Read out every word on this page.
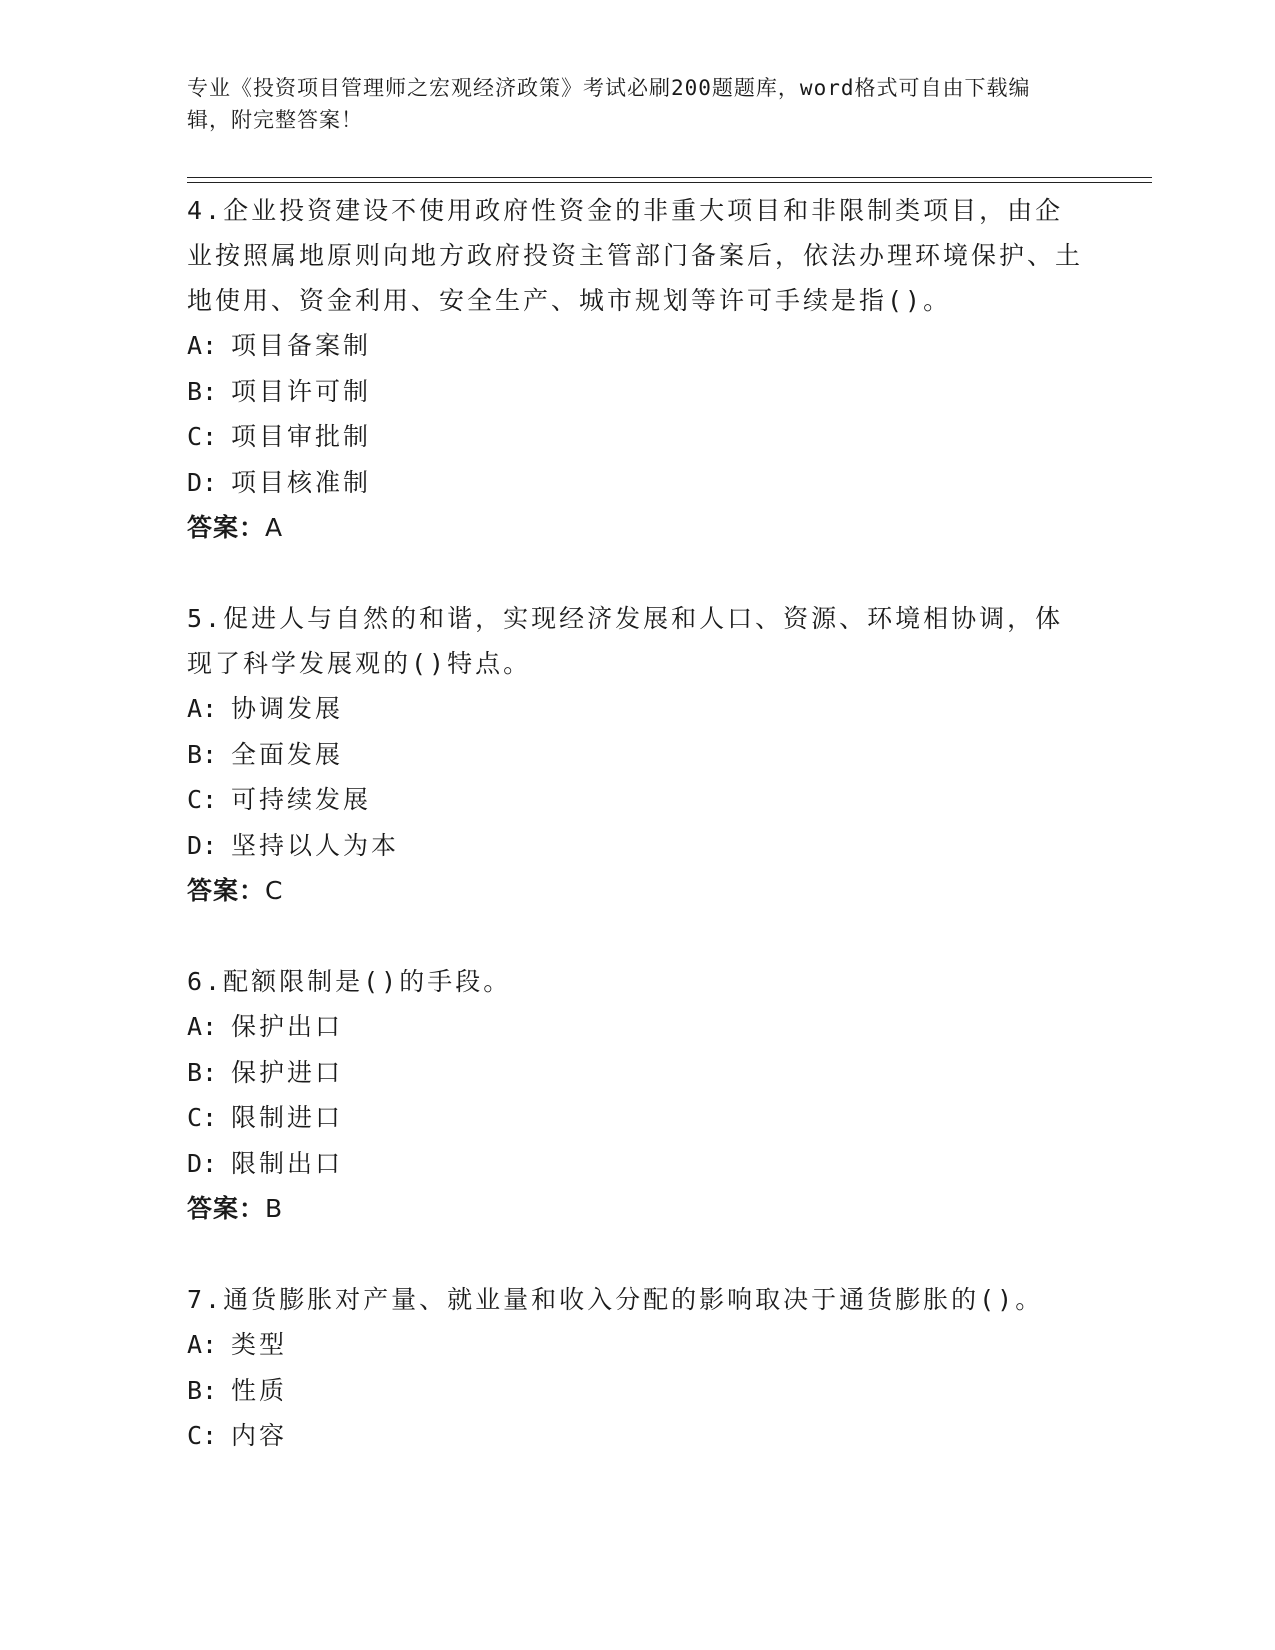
专业《投资项目管理师之宏观经济政策》考试必刷200题题库，word格式可自由下载编辑，附完整答案！

4.企业投资建设不使用政府性资金的非重大项目和非限制类项目，由企业按照属地原则向地方政府投资主管部门备案后，依法办理环境保护、土地使用、资金利用、安全生产、城市规划等许可手续是指()。

A: 项目备案制

B: 项目许可制

C: 项目审批制

D: 项目核准制

答案：A

5.促进人与自然的和谐，实现经济发展和人口、资源、环境相协调，体现了科学发展观的()特点。

A: 协调发展

B: 全面发展

C: 可持续发展

D: 坚持以人为本

答案：C

6.配额限制是()的手段。

A: 保护出口

B: 保护进口

C: 限制进口

D: 限制出口

答案：B

7.通货膨胀对产量、就业量和收入分配的影响取决于通货膨胀的()。

A: 类型

B: 性质

C: 内容
